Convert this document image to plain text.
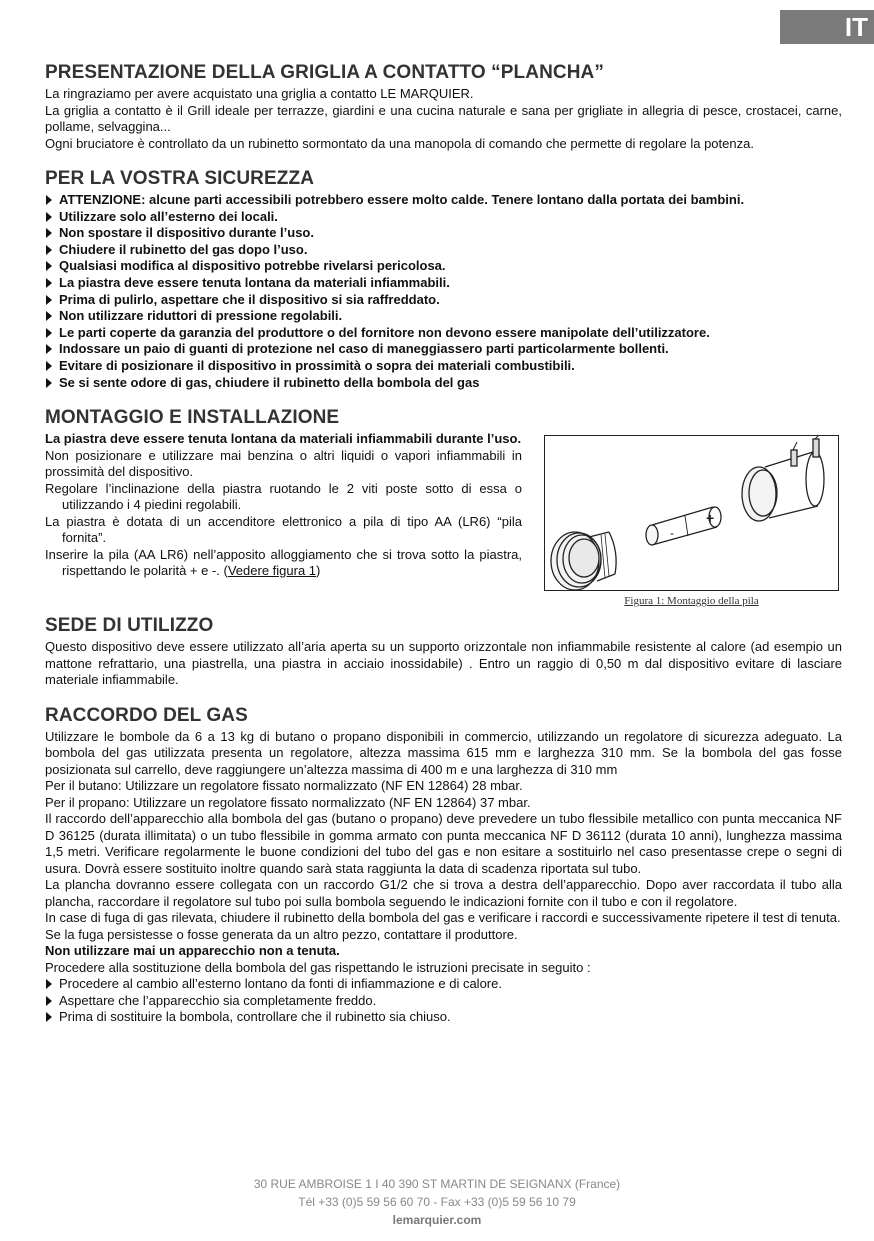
IT
PRESENTAZIONE DELLA GRIGLIA A CONTATTO “PLANCHA”

La ringraziamo per avere acquistato una griglia a contatto LE MARQUIER.

La griglia a contatto è il Grill ideale per terrazze, giardini e una cucina naturale e sana per grigliate in allegria di pesce, crostacei, carne, pollame, selvaggina...

Ogni bruciatore è controllato da un rubinetto sormontato da una manopola di comando che permette di regolare la potenza.

PER LA VOSTRA SICUREZZA
ATTENZIONE: alcune parti accessibili potrebbero essere molto calde. Tenere lontano dalla portata dei bambini.
Utilizzare solo all’esterno dei locali.
Non spostare il dispositivo durante l’uso.
Chiudere il rubinetto del gas dopo l’uso.
Qualsiasi modifica al dispositivo potrebbe rivelarsi pericolosa.
La piastra deve essere tenuta lontana da materiali infiammabili.
Prima di pulirlo, aspettare che il dispositivo si sia raffreddato.
Non utilizzare riduttori di pressione regolabili.
Le parti coperte da garanzia del produttore o del fornitore non devono essere manipolate dell’utilizzatore.
Indossare un paio di guanti di protezione nel caso di maneggiassero parti particolarmente bollenti.
Evitare di posizionare il dispositivo in prossimità o sopra dei materiali combustibili.
Se si sente odore di gas, chiudere il rubinetto della bombola del gas
MONTAGGIO E INSTALLAZIONE

La piastra deve essere tenuta lontana da materiali infiammabili durante l’uso.

Non posizionare e utilizzare mai benzina o altri liquidi o vapori infiammabili in prossimità del dispositivo.

Regolare l’inclinazione della piastra ruotando le 2 viti poste sotto di essa o utilizzando i 4 piedini regolabili.

La piastra è dotata di un accenditore elettronico a pila di tipo AA (LR6) “pila fornita”.

Inserire la pila (AA LR6) nell’apposito alloggiamento che si trova sotto la piastra, rispettando le polarità + e -. (Vedere figura 1)

-
+
Figura 1: Montaggio della pila
SEDE DI UTILIZZO

Questo dispositivo deve essere utilizzato all’aria aperta su un supporto orizzontale non infiammabile resistente al calore (ad esempio un mattone refrattario, una piastrella, una piastra in acciaio inossidabile) . Entro un raggio di 0,50 m dal dispositivo evitare di lasciare materiale infiammabile.

RACCORDO DEL GAS

Utilizzare le bombole da 6 a 13 kg di butano o propano disponibili in commercio, utilizzando un regolatore di sicurezza adeguato. La bombola del gas utilizzata presenta un regolatore, altezza massima 615 mm e larghezza 310 mm. Se la bombola del gas fosse posizionata sul carrello, deve raggiungere un’altezza massima di 400 m e una larghezza di 310 mm

Per il butano: Utilizzare un regolatore fissato normalizzato (NF EN 12864) 28 mbar.

Per il propano: Utilizzare un regolatore fissato normalizzato (NF EN 12864) 37 mbar.

Il raccordo dell’apparecchio alla bombola del gas (butano o propano) deve prevedere un tubo flessibile metallico con punta meccanica NF D 36125 (durata illimitata) o un tubo flessibile in gomma armato con punta meccanica NF D 36112 (durata 10 anni), lunghezza massima 1,5 metri. Verificare regolarmente le buone condizioni del tubo del gas e non esitare a sostituirlo nel caso presentasse crepe o segni di usura. Dovrà essere sostituito inoltre quando sarà stata raggiunta la data di scadenza riportata sul tubo.

La plancha dovranno essere collegata con un raccordo G1/2 che si trova a destra dell’apparecchio. Dopo aver raccordata il tubo alla plancha, raccordare il regolatore sul tubo poi sulla bombola seguendo le indicazioni fornite con il tubo e con il regolatore.

In case di fuga di gas rilevata, chiudere il rubinetto della bombola del gas e verificare i raccordi e successivamente ripetere il test di tenuta.

Se la fuga persistesse o fosse generata da un altro pezzo, contattare il produttore.

Non utilizzare mai un apparecchio non a tenuta.

Procedere alla sostituzione della bombola del gas rispettando le istruzioni precisate in seguito :

Procedere al cambio all’esterno lontano da fonti di infiammazione e di calore.
Aspettare che l’apparecchio sia completamente freddo.
Prima di sostituire la bombola, controllare che il rubinetto sia chiuso.
30 RUE AMBROISE 1 I 40 390 ST MARTIN DE SEIGNANX (France)
Tél +33 (0)5 59 56 60 70 - Fax +33 (0)5 59 56 10 79
lemarquier.com
